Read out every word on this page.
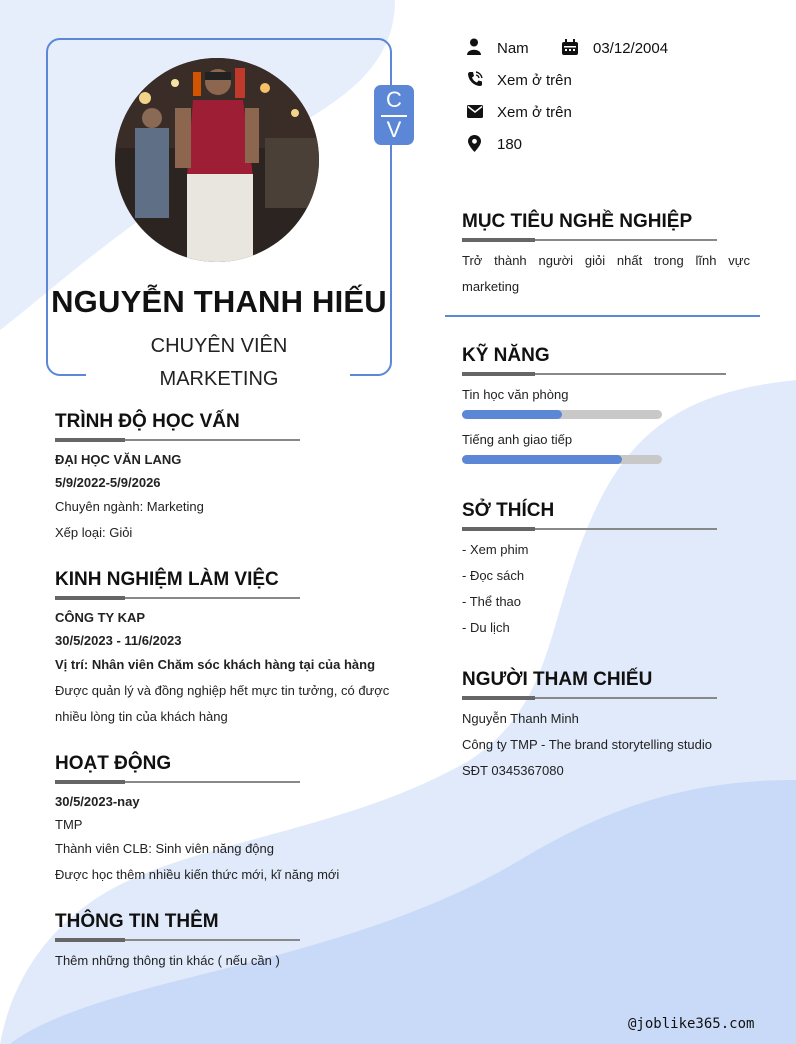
C
V
NGUYỄN THANH HIẾU
CHUYÊN VIÊN
MARKETING
TRÌNH ĐỘ HỌC VẤN
ĐẠI HỌC VĂN LANG
5/9/2022-5/9/2026
Chuyên ngành: Marketing
Xếp loại: Giỏi
KINH NGHIỆM LÀM VIỆC
CÔNG TY KAP
30/5/2023 - 11/6/2023
Vị trí: Nhân viên Chăm sóc khách hàng tại của hàng
Được quản lý và đồng nghiệp hết mực tin tưởng, có được
nhiều lòng tin của khách hàng
HOẠT ĐỘNG
30/5/2023-nay
TMP
Thành viên CLB: Sinh viên năng động
Được học thêm nhiều kiến thức mới, kĩ năng mới
THÔNG TIN THÊM
Thêm những thông tin khác ( nếu cần )
Nam	03/12/2004
Xem ở trên
Xem ở trên
180
MỤC TIÊU NGHỀ NGHIỆP
Trở thành người giỏi nhất trong lĩnh vực
marketing
KỸ NĂNG
Tin học văn phòng
Tiếng anh giao tiếp
SỞ THÍCH
- Xem phim
- Đọc sách
- Thể thao
- Du lịch
NGƯỜI THAM CHIẾU
Nguyễn Thanh Minh
Công ty TMP - The brand storytelling studio
SĐT 0345367080
@joblike365.com
